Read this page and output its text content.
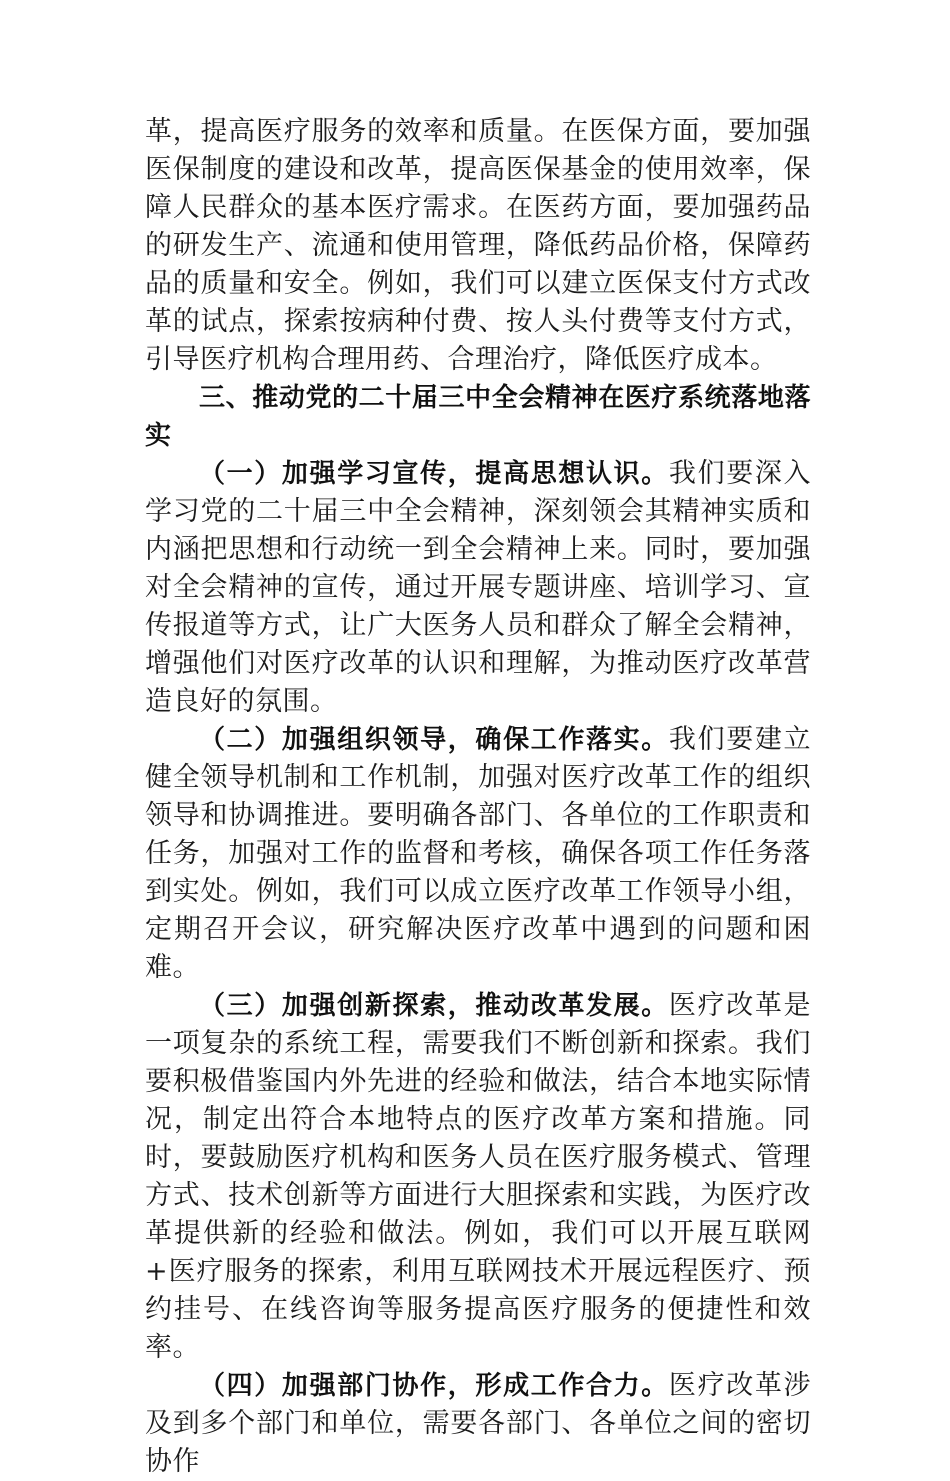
革，提高医疗服务的效率和质量。在医保方面，要加强医保制度的建设和改革，提高医保基金的使用效率，保障人民群众的基本医疗需求。在医药方面，要加强药品的研发生产、流通和使用管理，降低药品价格，保障药品的质量和安全。例如，我们可以建立医保支付方式改革的试点，探索按病种付费、按人头付费等支付方式，引导医疗机构合理用药、合理治疗，降低医疗成本。

三、推动党的二十届三中全会精神在医疗系统落地落实

（一）加强学习宣传，提高思想认识。我们要深入学习党的二十届三中全会精神，深刻领会其精神实质和内涵把思想和行动统一到全会精神上来。同时，要加强对全会精神的宣传，通过开展专题讲座、培训学习、宣传报道等方式，让广大医务人员和群众了解全会精神，增强他们对医疗改革的认识和理解，为推动医疗改革营造良好的氛围。

（二）加强组织领导，确保工作落实。我们要建立健全领导机制和工作机制，加强对医疗改革工作的组织领导和协调推进。要明确各部门、各单位的工作职责和任务，加强对工作的监督和考核，确保各项工作任务落到实处。例如，我们可以成立医疗改革工作领导小组，定期召开会议，研究解决医疗改革中遇到的问题和困难。

（三）加强创新探索，推动改革发展。医疗改革是一项复杂的系统工程，需要我们不断创新和探索。我们要积极借鉴国内外先进的经验和做法，结合本地实际情况，制定出符合本地特点的医疗改革方案和措施。同时，要鼓励医疗机构和医务人员在医疗服务模式、管理方式、技术创新等方面进行大胆探索和实践，为医疗改革提供新的经验和做法。例如，我们可以开展互联网+医疗服务的探索，利用互联网技术开展远程医疗、预约挂号、在线咨询等服务提高医疗服务的便捷性和效率。

（四）加强部门协作，形成工作合力。医疗改革涉及到多个部门和单位，需要各部门、各单位之间的密切协作
